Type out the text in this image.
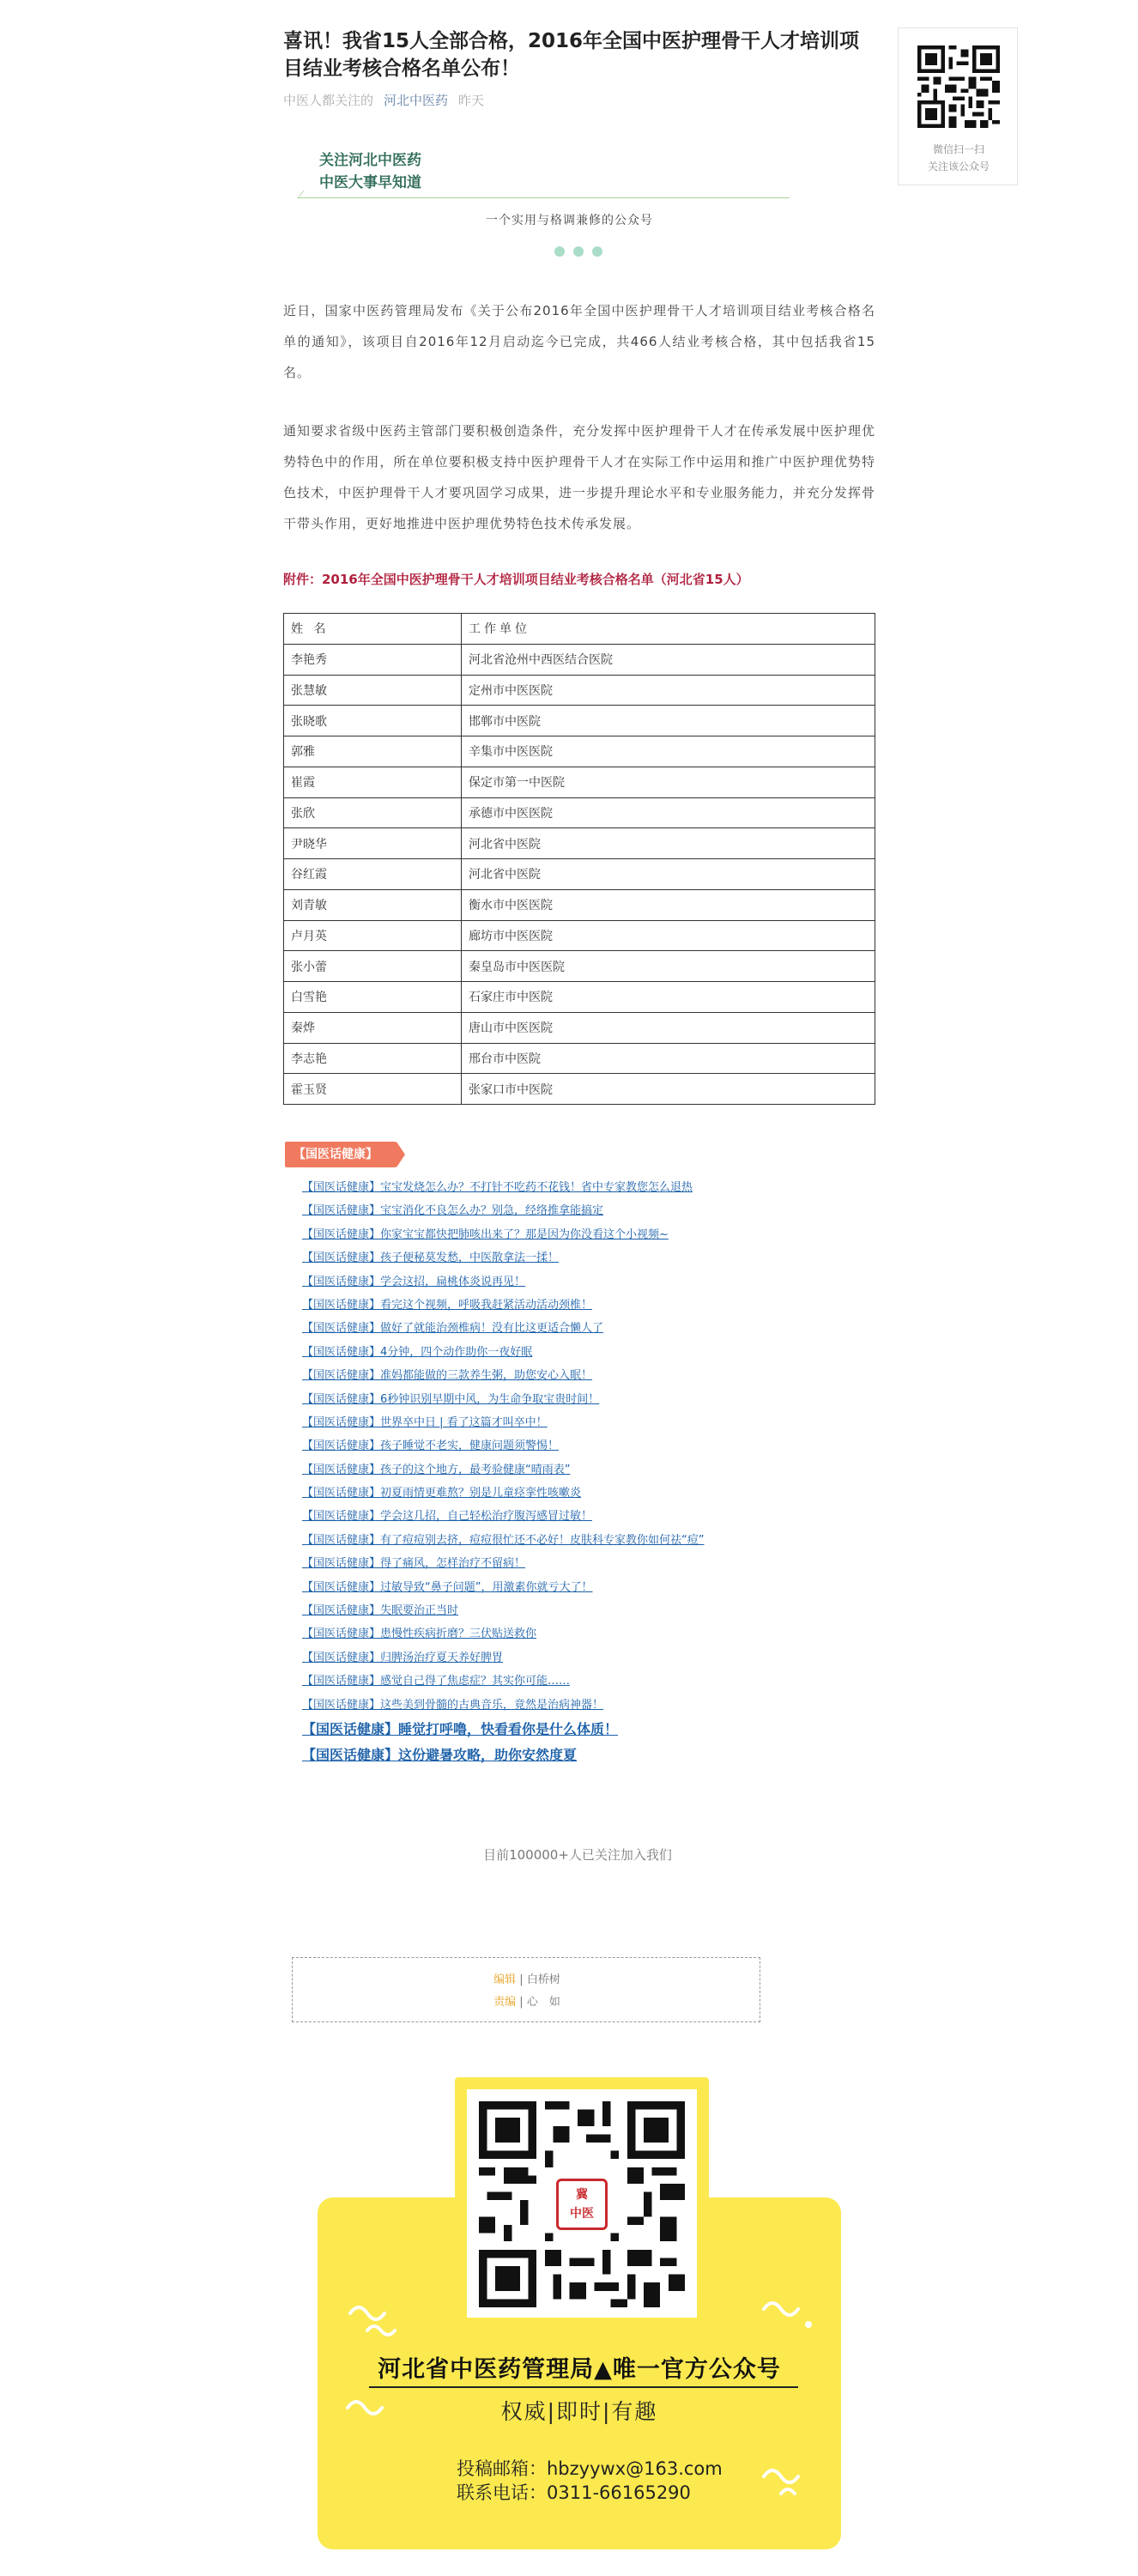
喜讯！我省15人全部合格，2016年全国中医护理骨干人才培训项目结业考核合格名单公布！
中医人都关注的 河北中医药 昨天
微信扫一扫
关注该公众号
关注河北中医药
中医大事早知道
一个实用与格调兼修的公众号

近日，国家中医药管理局发布《关于公布2016年全国中医护理骨干人才培训项目结业考核合格名单的通知》，该项目自2016年12月启动迄今已完成，共466人结业考核合格，其中包括我省15名。

通知要求省级中医药主管部门要积极创造条件，充分发挥中医护理骨干人才在传承发展中医护理优势特色中的作用，所在单位要积极支持中医护理骨干人才在实际工作中运用和推广中医护理优势特色技术，中医护理骨干人才要巩固学习成果，进一步提升理论水平和专业服务能力，并充分发挥骨干带头作用，更好地推进中医护理优势特色技术传承发展。

附件：2016年全国中医护理骨干人才培训项目结业考核合格名单（河北省15人）
姓 名	工作单位
李艳秀	河北省沧州中西医结合医院
张慧敏	定州市中医医院
张晓歌	邯郸市中医院
郭雅	辛集市中医医院
崔霞	保定市第一中医院
张欣	承德市中医医院
尹晓华	河北省中医院
谷红霞	河北省中医院
刘青敏	衡水市中医医院
卢月英	廊坊市中医医院
张小蕾	秦皇岛市中医医院
白雪艳	石家庄市中医院
秦烨	唐山市中医医院
李志艳	邢台市中医院
霍玉贤	张家口市中医院
【国医话健康】
【国医话健康】宝宝发烧怎么办？不打针不吃药不花钱！省中专家教您怎么退热
【国医话健康】宝宝消化不良怎么办？别急，经络推拿能搞定
【国医话健康】你家宝宝都快把肺咳出来了？那是因为你没看这个小视频~
【国医话健康】孩子便秘莫发愁，中医散拿法一揉！
【国医话健康】学会这招，扁桃体炎说再见！
【国医话健康】看完这个视频，呼吸我赶紧活动活动颈椎！
【国医话健康】做好了就能治颈椎病！没有比这更适合懒人了
【国医话健康】4分钟，四个动作助你一夜好眠
【国医话健康】准妈都能做的三款养生粥，助您安心入眠！
【国医话健康】6秒钟识别早期中风，为生命争取宝贵时间！
【国医话健康】世界卒中日 | 看了这篇才叫卒中！
【国医话健康】孩子睡觉不老实，健康问题须警惕！
【国医话健康】孩子的这个地方，最考验健康“晴雨表”
【国医话健康】初夏雨情更难熬？别是儿童痉挛性咳嗽炎
【国医话健康】学会这几招，自己轻松治疗腹泻感冒过敏！
【国医话健康】有了痘痘别去挤，痘痘很忙还不必好！皮肤科专家教你如何祛“痘”
【国医话健康】得了痛风，怎样治疗不留病！
【国医话健康】过敏导致“鼻子问题”，用激素你就亏大了！
【国医话健康】失眠要治正当时
【国医话健康】患慢性疾病折磨？三伏贴送救你
【国医话健康】归脾汤治疗夏天养好脾胃
【国医话健康】感觉自己得了焦虑症？其实你可能……
【国医话健康】这些美到骨髓的古典音乐，竟然是治病神器！
【国医话健康】睡觉打呼噜，快看看你是什么体质！
【国医话健康】这份避暑攻略，助你安然度夏
目前100000+人已关注加入我们
编辑 | 白桥树
责编 | 心　如
冀
中医
河北省中医药管理局▲唯一官方公众号
权威|即时|有趣
投稿邮箱：hbzyywx@163.com
联系电话：0311-66165290
